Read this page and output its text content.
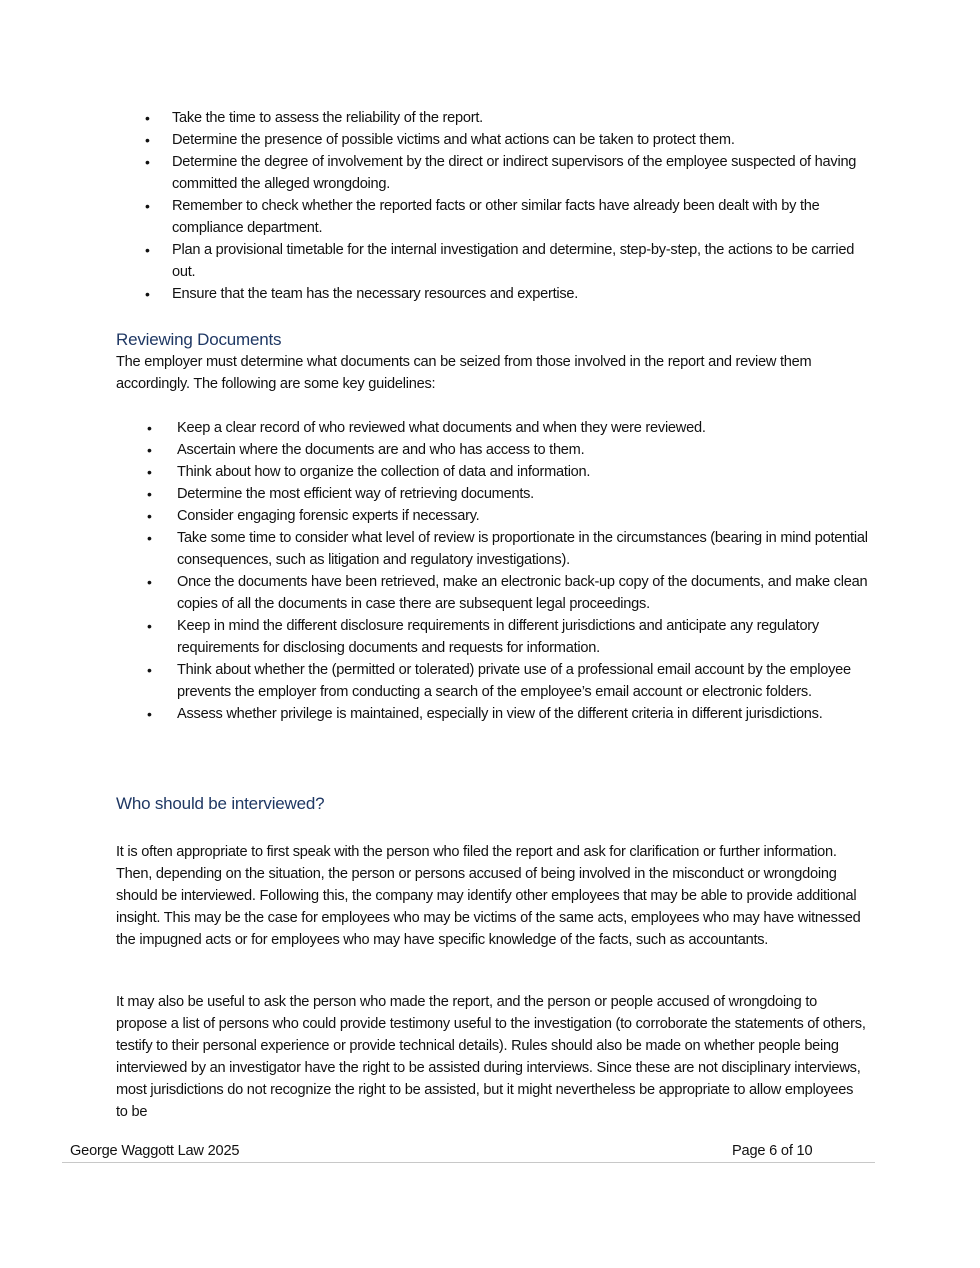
• Take the time to assess the reliability of the report.
• Determine the presence of possible victims and what actions can be taken to protect them.
• Determine the degree of involvement by the direct or indirect supervisors of the employee suspected of having committed the alleged wrongdoing.
• Remember to check whether the reported facts or other similar facts have already been dealt with by the compliance department.
• Plan a provisional timetable for the internal investigation and determine, step-by-step, the actions to be carried out.
• Ensure that the team has the necessary resources and expertise.
Reviewing Documents

The employer must determine what documents can be seized from those involved in the report and review them accordingly. The following are some key guidelines:

• Keep a clear record of who reviewed what documents and when they were reviewed.
• Ascertain where the documents are and who has access to them.
• Think about how to organize the collection of data and information.
• Determine the most efficient way of retrieving documents.
• Consider engaging forensic experts if necessary.
• Take some time to consider what level of review is proportionate in the circumstances (bearing in mind potential consequences, such as litigation and regulatory investigations).
• Once the documents have been retrieved, make an electronic back-up copy of the documents, and make clean copies of all the documents in case there are subsequent legal proceedings.
• Keep in mind the different disclosure requirements in different jurisdictions and anticipate any regulatory requirements for disclosing documents and requests for information.
• Think about whether the (permitted or tolerated) private use of a professional email account by the employee prevents the employer from conducting a search of the employee’s email account or electronic folders.
• Assess whether privilege is maintained, especially in view of the different criteria in different jurisdictions.
Who should be interviewed?

It is often appropriate to first speak with the person who filed the report and ask for clarification or further information. Then, depending on the situation, the person or persons accused of being involved in the misconduct or wrongdoing should be interviewed. Following this, the company may identify other employees that may be able to provide additional insight. This may be the case for employees who may be victims of the same acts, employees who may have witnessed the impugned acts or for employees who may have specific knowledge of the facts, such as accountants.

It may also be useful to ask the person who made the report, and the person or people accused of wrongdoing to propose a list of persons who could provide testimony useful to the investigation (to corroborate the statements of others, testify to their personal experience or provide technical details). Rules should also be made on whether people being interviewed by an investigator have the right to be assisted during interviews. Since these are not disciplinary interviews, most jurisdictions do not recognize the right to be assisted, but it might nevertheless be appropriate to allow employees to be

George Waggott Law 2025	Page 6 of 10
